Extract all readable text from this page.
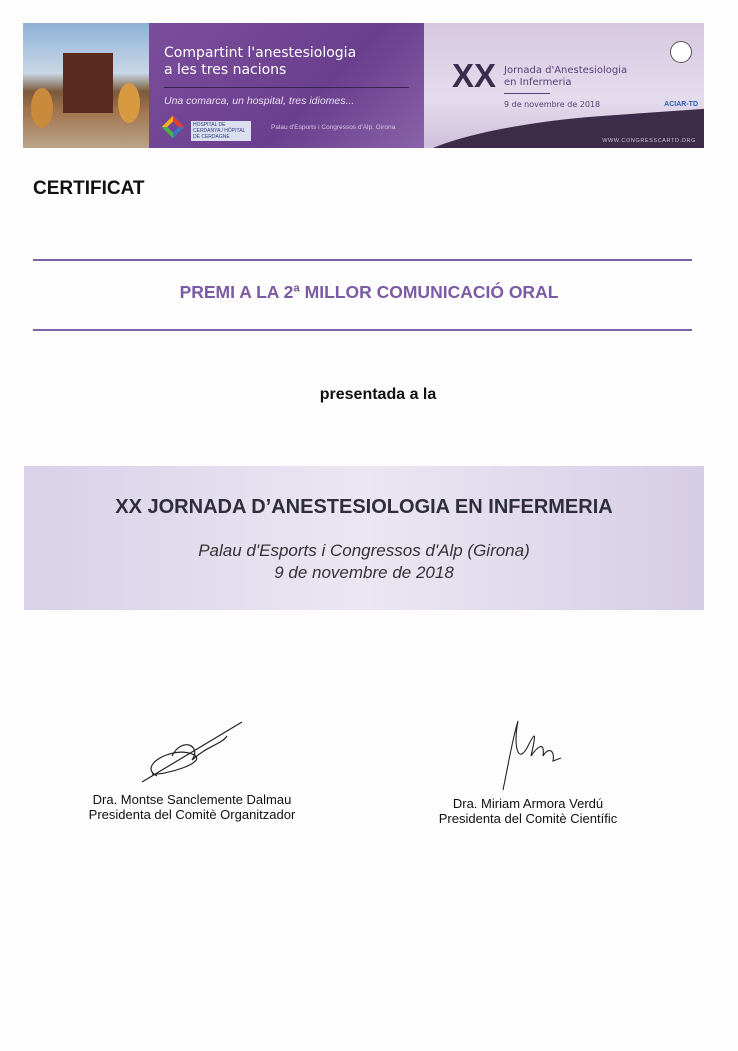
Compartint l'anestesiologia
a les tres nacions
Una comarca, un hospital, tres idiomes...
HOSPITAL DE CERDANYA / HÔPITAL DE CERDAGNE
Palau d'Esports i Congressos d'Alp, Girona
XX Jornada d'Anestesiologia
en Infermeria
9 de novembre de 2018	ACIAR-TD
WWW.CONGRESSCARTD.ORG
CERTIFICAT
PREMI A LA 2ª MILLOR COMUNICACIÓ ORAL
presentada a la
XX JORNADA D’ANESTESIOLOGIA EN INFERMERIA
Palau d'Esports i Congressos d'Alp (Girona)
9 de novembre de 2018
Dra. Montse Sanclemente Dalmau
Presidenta del Comitè Organitzador
Dra. Miriam Armora Verdú
Presidenta del Comitè Científic
